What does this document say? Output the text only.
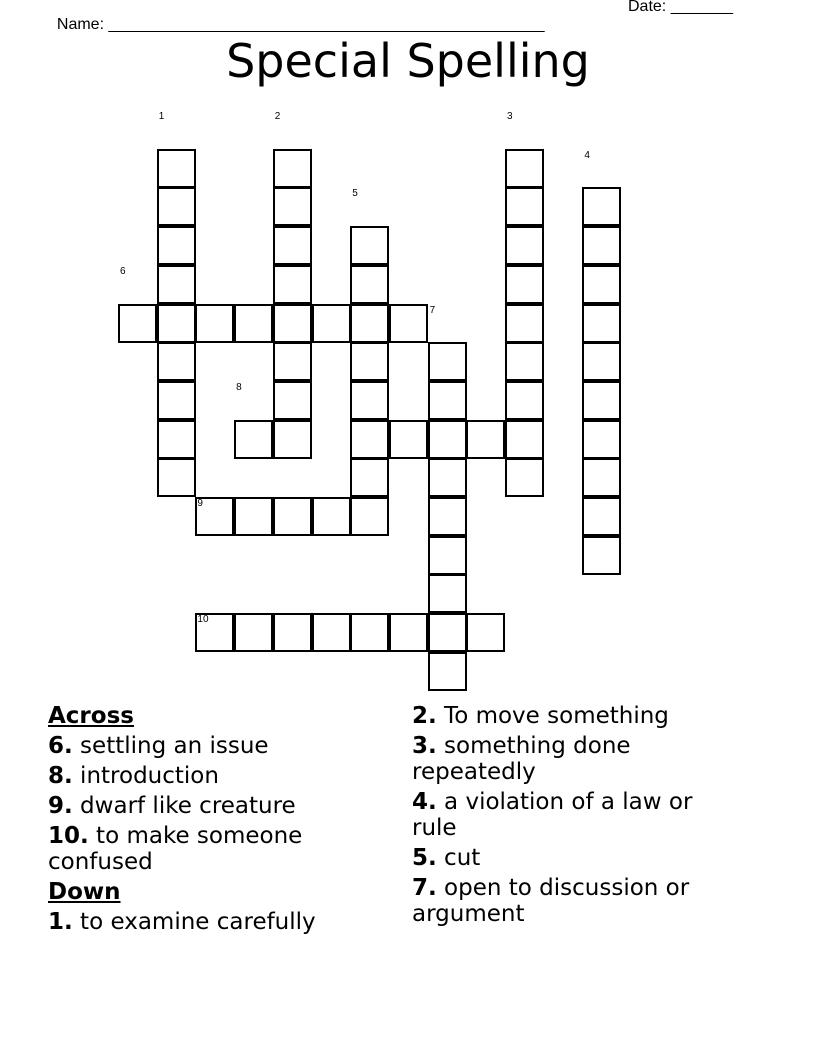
Name: _________________________________________________

Date: _______

Special Spelling
1	2	3
4
5
6
7
8
9
10
Across
6. settling an issue
8. introduction
9. dwarf like creature
10. to make someone confused
Down
1. to examine carefully
2. To move something
3. something done repeatedly
4. a violation of a law or rule
5. cut
7. open to discussion or argument
